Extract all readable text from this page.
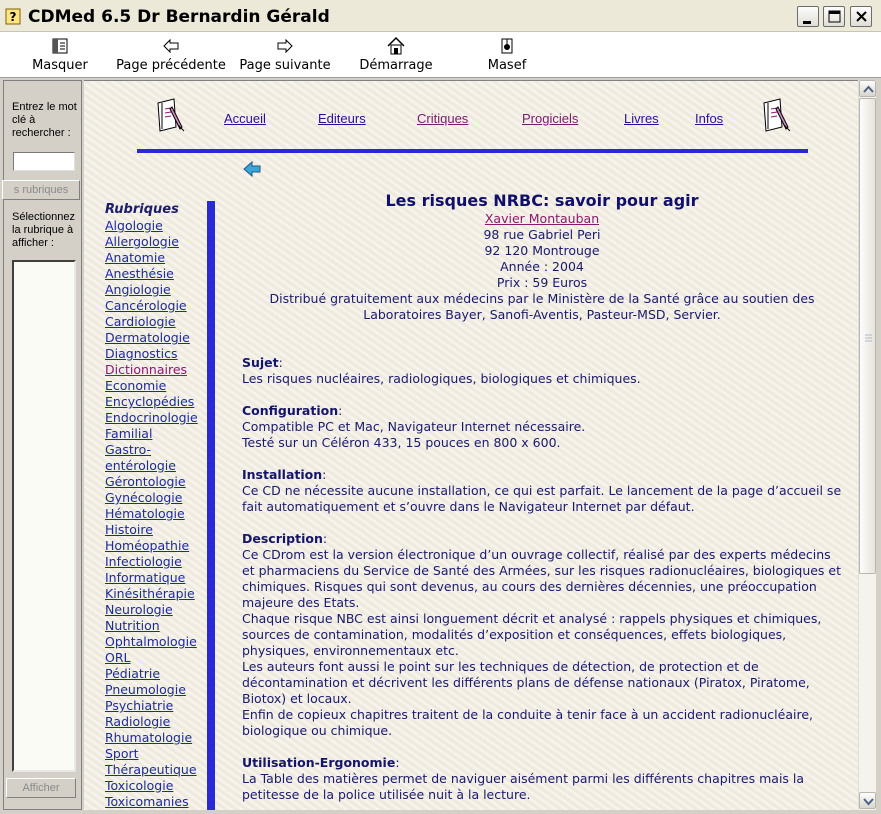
? CDMed 6.5 Dr Bernardin Gérald
Masquer	Page précédente Page suivante Démarrage	Masef
Entrez le mot
clé à
rechercher :
s rubriques
Sélectionnez
la rubrique à
afficher :
Afficher
Accueil	Editeurs	Critiques	Progiciels	Livres	Infos
Rubriques
Algologie
Allergologie
Anatomie
Anesthésie
Angiologie
Cancérologie
Cardiologie
Dermatologie
Diagnostics
Dictionnaires
Economie
Encyclopédies
Endocrinologie
Familial
Gastro-
entérologie
Gérontologie
Gynécologie
Hématologie
Histoire
Homéopathie
Infectiologie
Informatique
Kinésithérapie
Neurologie
Nutrition
Ophtalmologie
ORL
Pédiatrie
Pneumologie
Psychiatrie
Radiologie
Rhumatologie
Sport
Thérapeutique
Toxicologie
Toxicomanies
Les risques NRBC: savoir pour agir
Xavier Montauban
98 rue Gabriel Peri
92 120 Montrouge
Année : 2004
Prix : 59 Euros
Distribué gratuitement aux médecins par le Ministère de la Santé grâce au soutien des Laboratoires Bayer, Sanofi-Aventis, Pasteur-MSD, Servier.
Sujet:

Les risques nucléaires, radiologiques, biologiques et chimiques.

Configuration:

Compatible PC et Mac, Navigateur Internet nécessaire.

Testé sur un Céléron 433, 15 pouces en 800 x 600.

Installation:

Ce CD ne nécessite aucune installation, ce qui est parfait. Le lancement de la page d’accueil se fait automatiquement et s’ouvre dans le Navigateur Internet par défaut.

Description:

Ce CDrom est la version électronique d’un ouvrage collectif, réalisé par des experts médecins et pharmaciens du Service de Santé des Armées, sur les risques radionucléaires, biologiques et chimiques. Risques qui sont devenus, au cours des dernières décennies, une préoccupation majeure des Etats.

Chaque risque NBC est ainsi longuement décrit et analysé : rappels physiques et chimiques, sources de contamination, modalités d’exposition et conséquences, effets biologiques, physiques, environnementaux etc.

Les auteurs font aussi le point sur les techniques de détection, de protection et de décontamination et décrivent les différents plans de défense nationaux (Piratox, Piratome, Biotox) et locaux.

Enfin de copieux chapitres traitent de la conduite à tenir face à un accident radionucléaire, biologique ou chimique.

Utilisation-Ergonomie:

La Table des matières permet de naviguer aisément parmi les différents chapitres mais la petitesse de la police utilisée nuit à la lecture.
